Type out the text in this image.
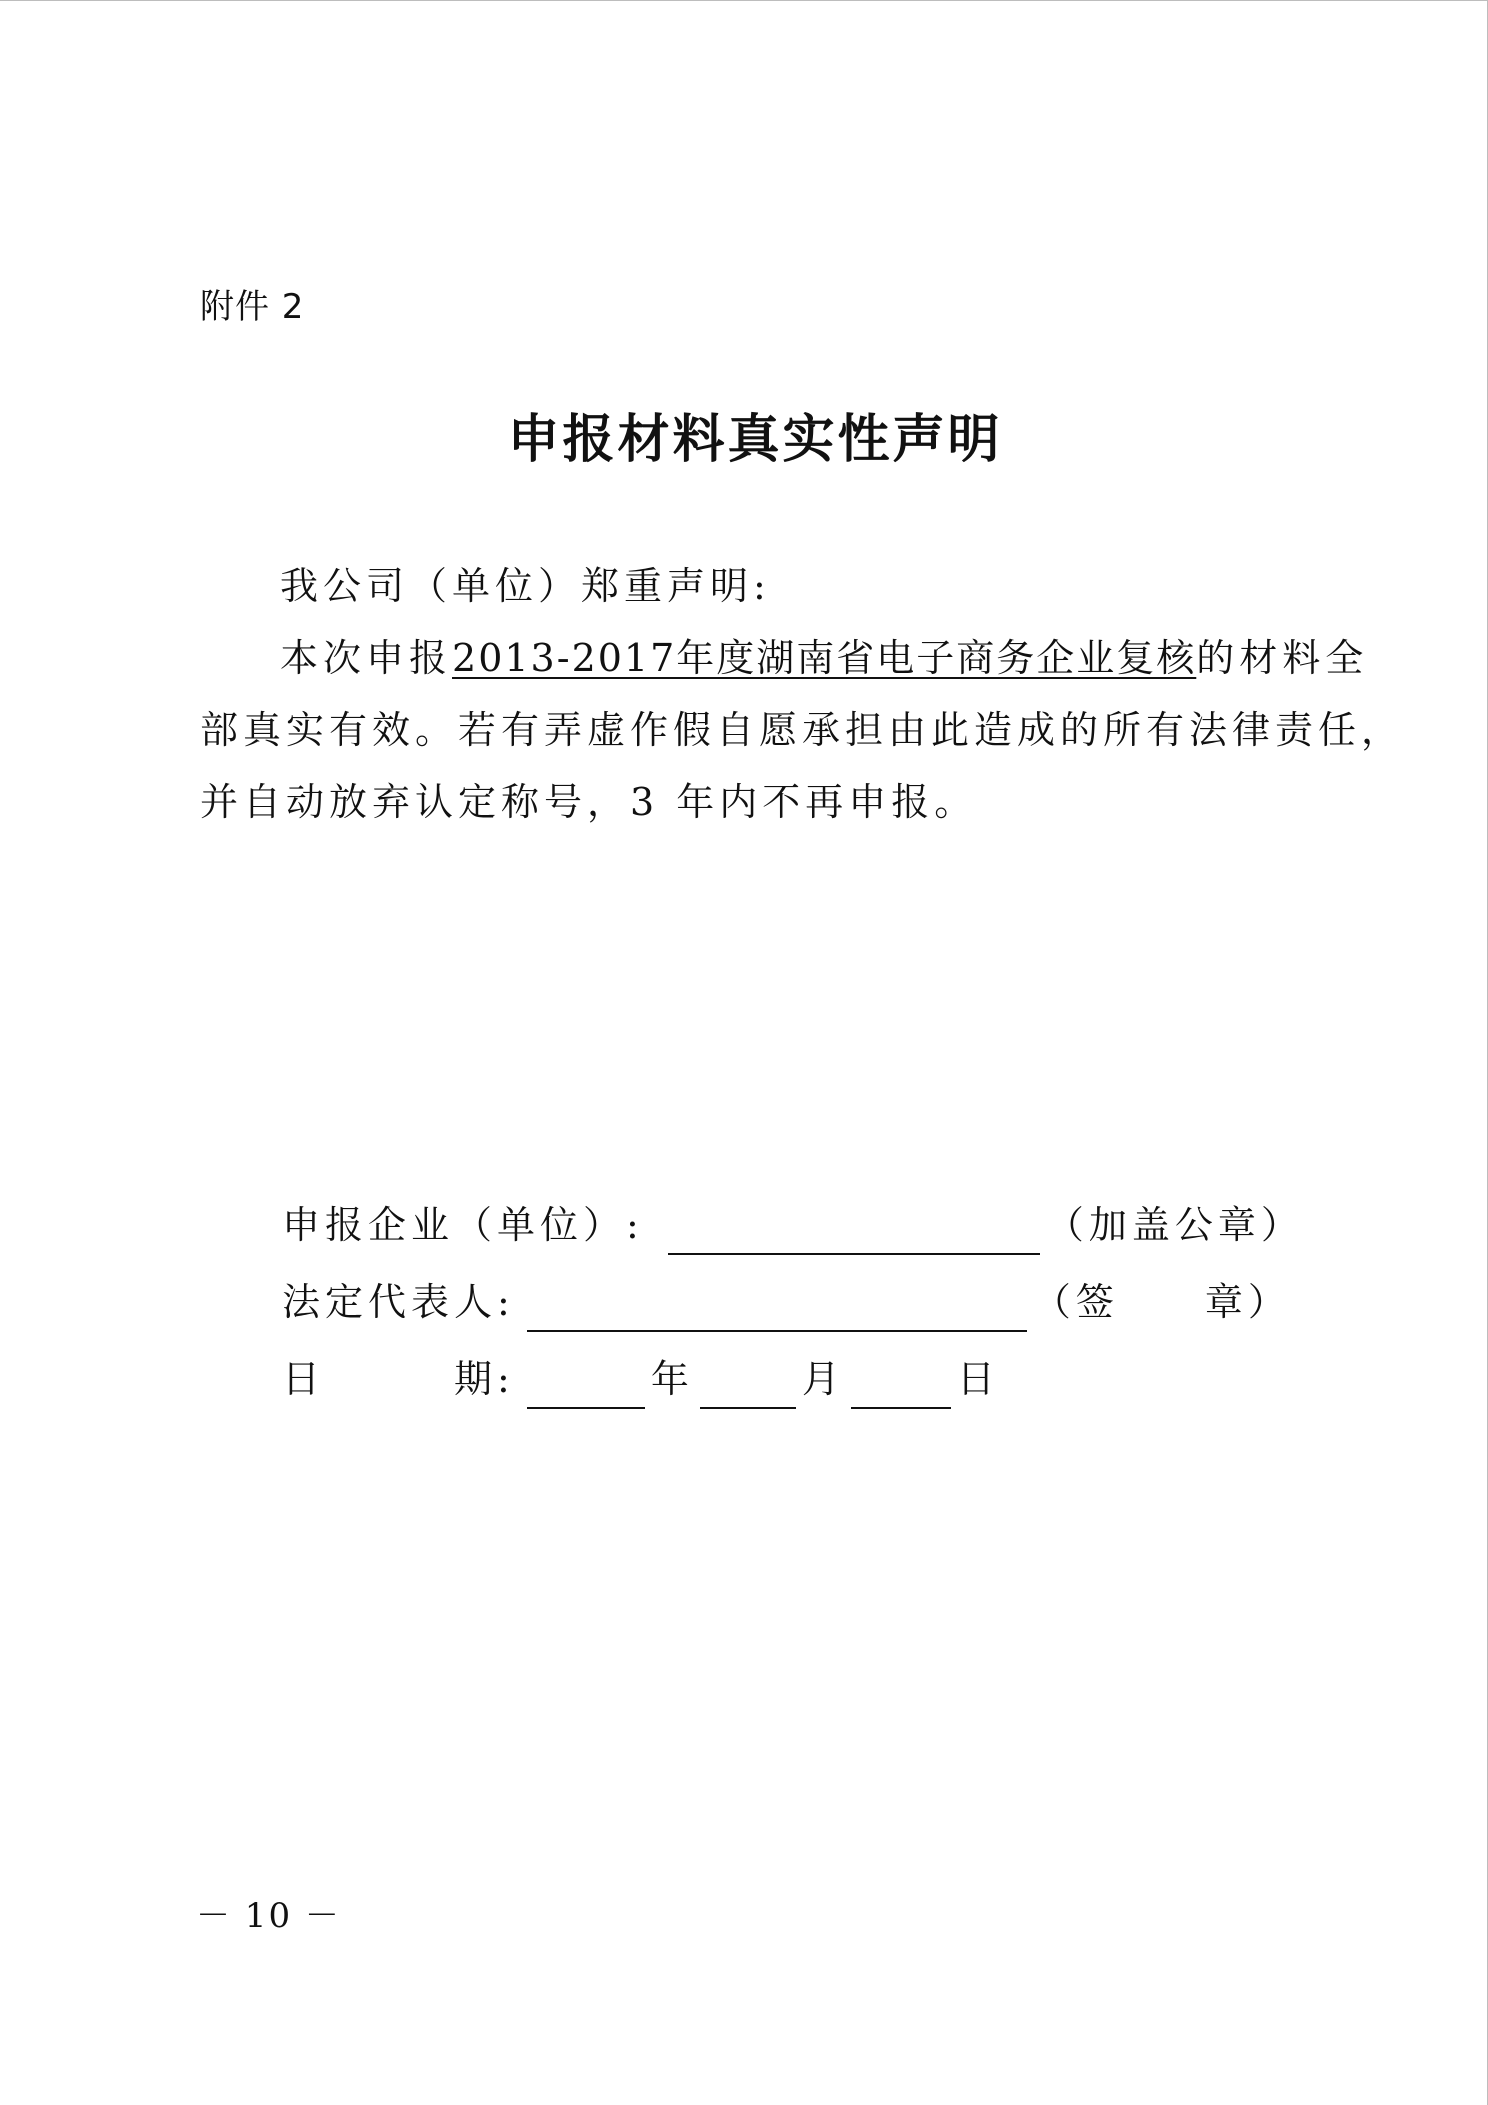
附件 2
申报材料真实性声明
我公司（单位）郑重声明:
本次申报2013-2017年度湖南省电子商务企业复核的材料全
部真实有效。若有弄虚作假自愿承担由此造成的所有法律责任，
并自动放弃认定称号，3 年内不再申报。
申报企业（单位）:	（加盖公章）
法定代表人:	（签　　章）
日　　　期:	年	月	日
－ 10 －
